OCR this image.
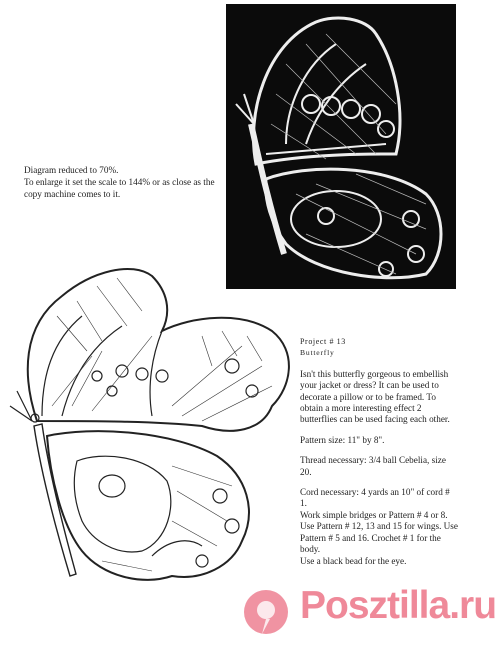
Diagram reduced to 70%.

To enlarge it set the scale to 144% or as close as the copy machine comes to it.

Project # 13

Butterfly

Isn't this butterfly gorgeous to embellish your jacket or dress? It can be used to decorate a pillow or to be framed. To obtain a more interesting effect 2 butterflies can be used facing each other.

Pattern size: 11" by 8".

Thread necessary: 3/4 ball Cebelia, size 20.

Cord necessary: 4 yards an 10" of cord # 1.

Work simple bridges or Pattern # 4 or 8. Use Pattern # 12, 13 and 15 for wings. Use Pattern # 5 and 16. Crochet # 1 for the body.

Use a black bead for the eye.

Posztilla.ru
